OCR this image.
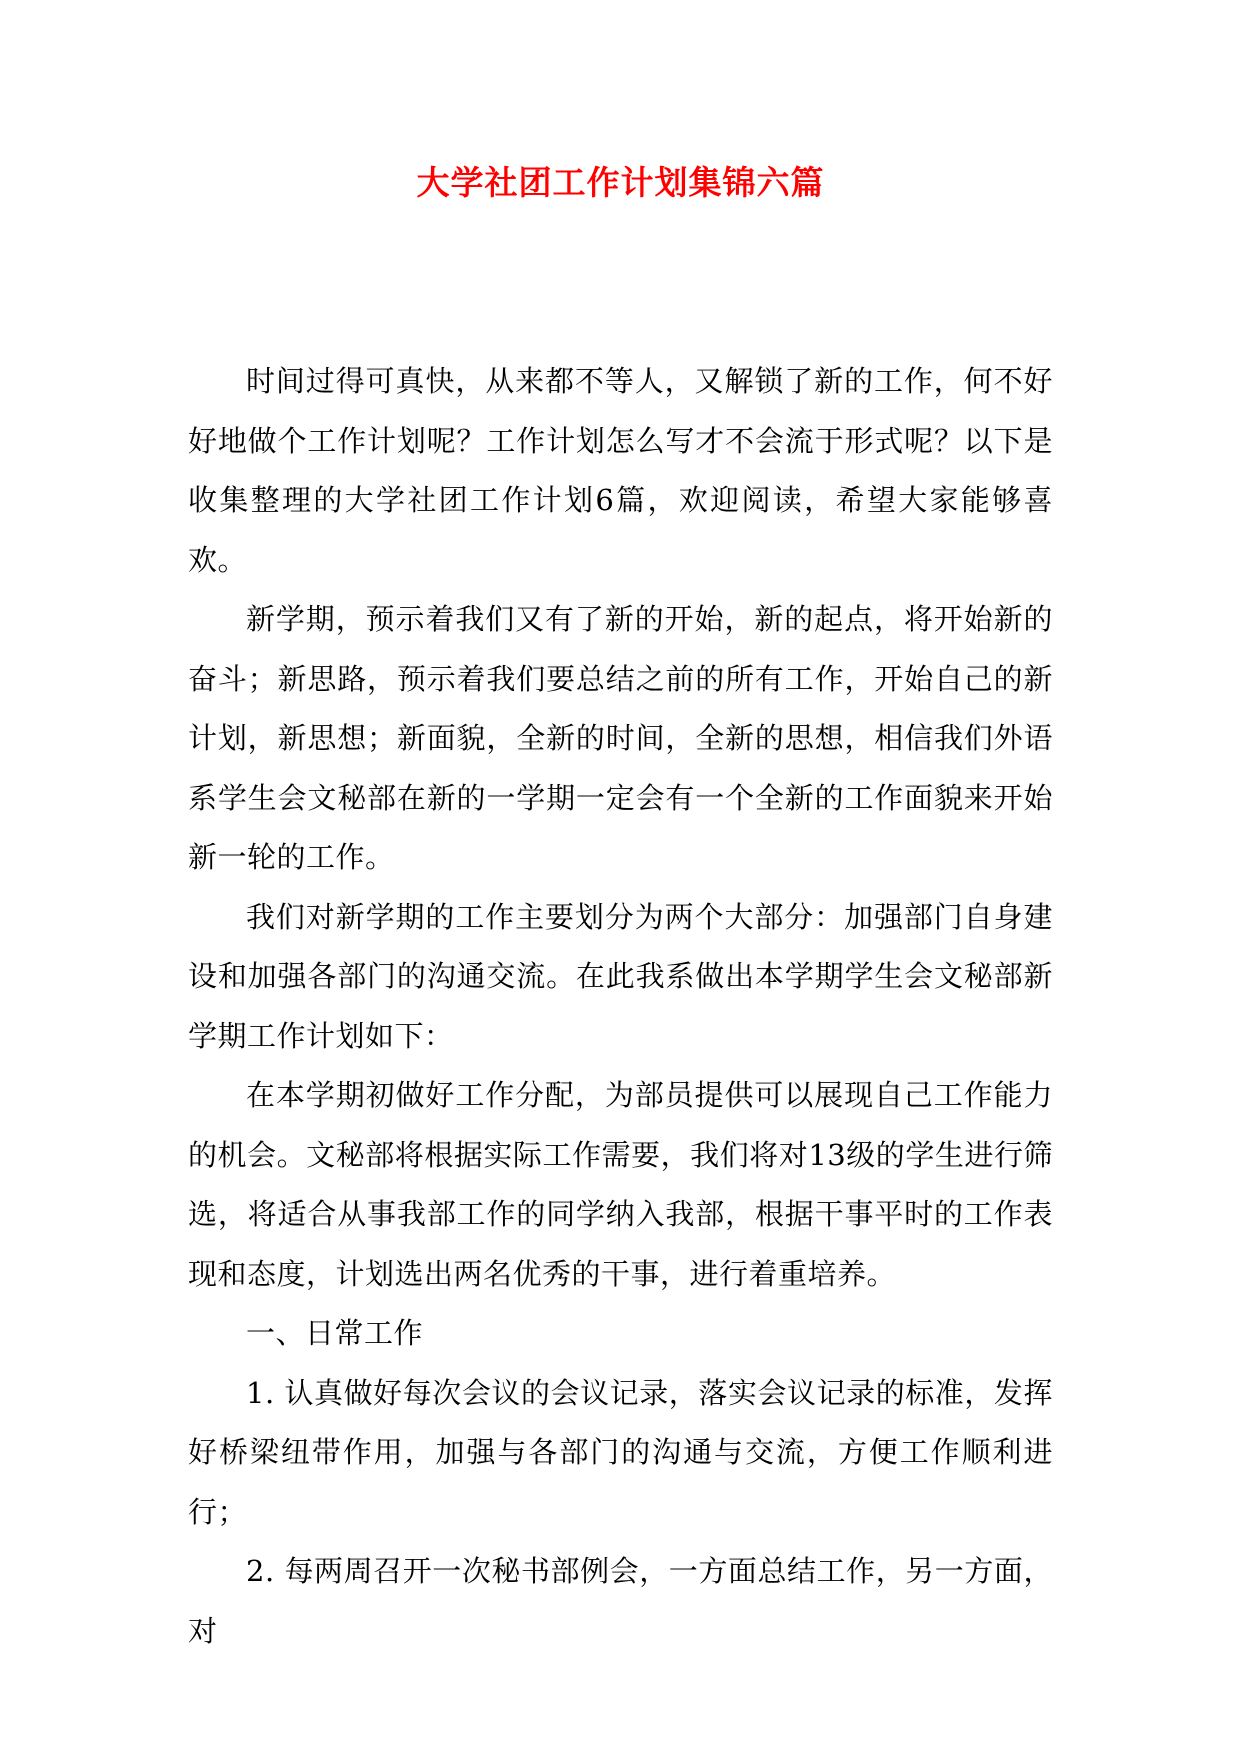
大学社团工作计划集锦六篇

时间过得可真快，从来都不等人，又解锁了新的工作，何不好好地做个工作计划呢？工作计划怎么写才不会流于形式呢？以下是收集整理的大学社团工作计划6篇，欢迎阅读，希望大家能够喜欢。

新学期，预示着我们又有了新的开始，新的起点，将开始新的奋斗；新思路，预示着我们要总结之前的所有工作，开始自己的新计划，新思想；新面貌，全新的时间，全新的思想，相信我们外语系学生会文秘部在新的一学期一定会有一个全新的工作面貌来开始新一轮的工作。

我们对新学期的工作主要划分为两个大部分：加强部门自身建设和加强各部门的沟通交流。在此我系做出本学期学生会文秘部新学期工作计划如下：

在本学期初做好工作分配，为部员提供可以展现自己工作能力的机会。文秘部将根据实际工作需要，我们将对13级的学生进行筛选，将适合从事我部工作的同学纳入我部，根据干事平时的工作表现和态度，计划选出两名优秀的干事，进行着重培养。

一、日常工作

1. 认真做好每次会议的会议记录，落实会议记录的标准，发挥好桥梁纽带作用，加强与各部门的沟通与交流，方便工作顺利进行；

2. 每两周召开一次秘书部例会，一方面总结工作，另一方面，对
